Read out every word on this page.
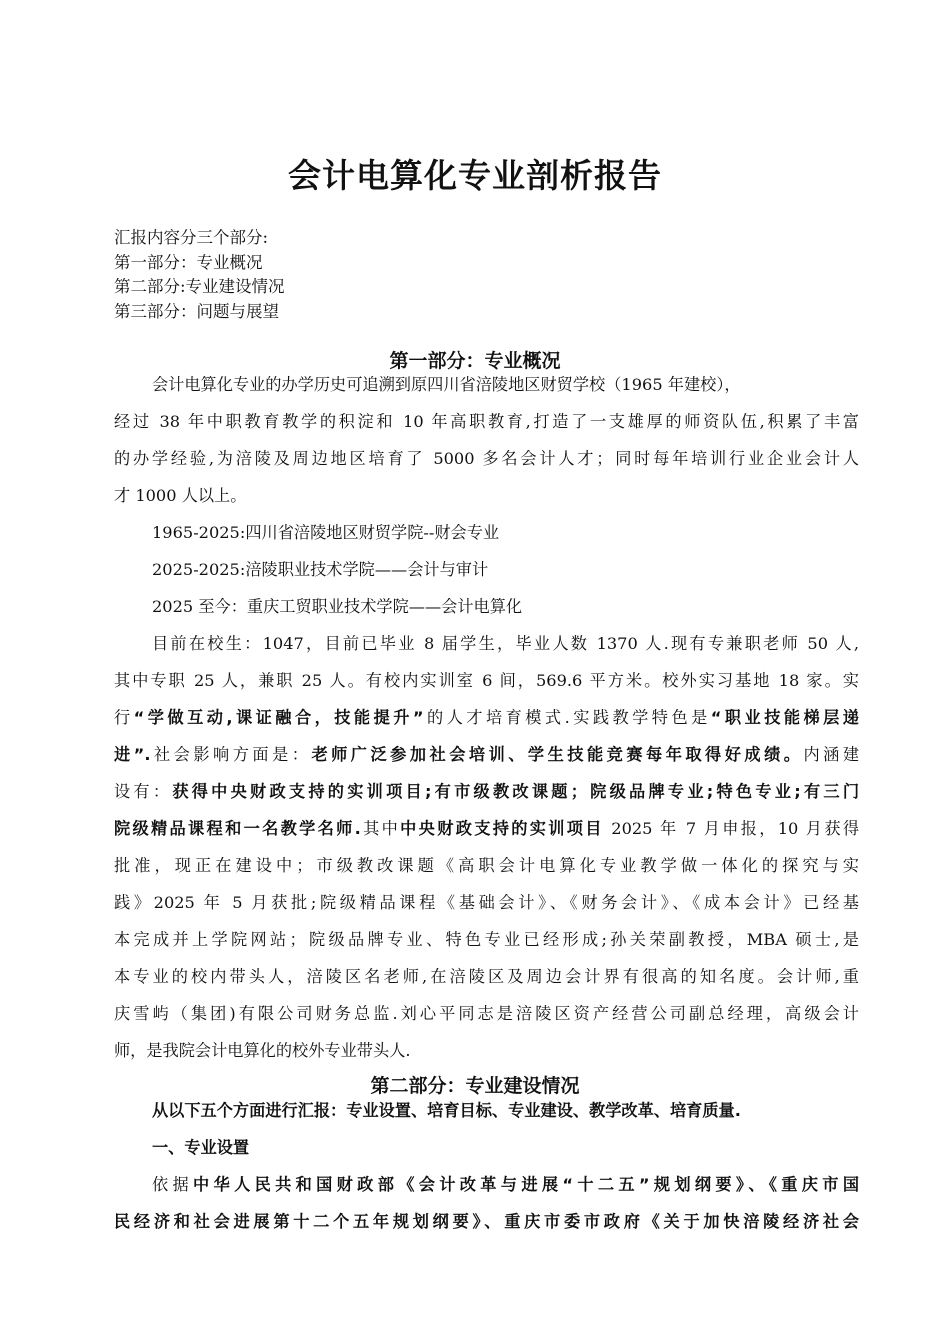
会计电算化专业剖析报告
汇报内容分三个部分:
第一部分：专业概况
第二部分:专业建设情况
第三部分：问题与展望
第一部分：专业概况
会计电算化专业的办学历史可追溯到原四川省涪陵地区财贸学校（1965 年建校），
经过 38 年中职教育教学的积淀和 10 年高职教育,打造了一支雄厚的师资队伍,积累了丰富
的办学经验,为涪陵及周边地区培育了 5000 多名会计人才；同时每年培训行业企业会计人
才 1000 人以上。
1965-2025:四川省涪陵地区财贸学院--财会专业
2025-2025:涪陵职业技术学院——会计与审计
2025 至今：重庆工贸职业技术学院——会计电算化
目前在校生：1047，目前已毕业 8 届学生，毕业人数 1370 人.现有专兼职老师 50 人,
其中专职 25 人，兼职 25 人。有校内实训室 6 间，569.6 平方米。校外实习基地 18 家。实
行“学做互动,课证融合，技能提升”的人才培育模式.实践教学特色是“职业技能梯层递
进”.社会影响方面是：老师广泛参加社会培训、学生技能竞赛每年取得好成绩。内涵建
设有：获得中央财政支持的实训项目;有市级教改课题；院级品牌专业;特色专业;有三门
院级精品课程和一名教学名师.其中中央财政支持的实训项目 2025 年 7 月申报，10 月获得
批准，现正在建设中；市级教改课题《高职会计电算化专业教学做一体化的探究与实
践》2025 年 5 月获批;院级精品课程《基础会计》、《财务会计》、《成本会计》已经基
本完成并上学院网站；院级品牌专业、特色专业已经形成;孙关荣副教授，MBA 硕士,是
本专业的校内带头人，涪陵区名老师,在涪陵区及周边会计界有很高的知名度。会计师,重
庆雪屿（集团)有限公司财务总监.刘心平同志是涪陵区资产经营公司副总经理，高级会计
师，是我院会计电算化的校外专业带头人.
第二部分：专业建设情况
从以下五个方面进行汇报：专业设置、培育目标、专业建设、教学改革、培育质量.
一、专业设置
依据中华人民共和国财政部《会计改革与进展“十二五”规划纲要》、《重庆市国
民经济和社会进展第十二个五年规划纲要》、重庆市委市政府《关于加快涪陵经济社会
